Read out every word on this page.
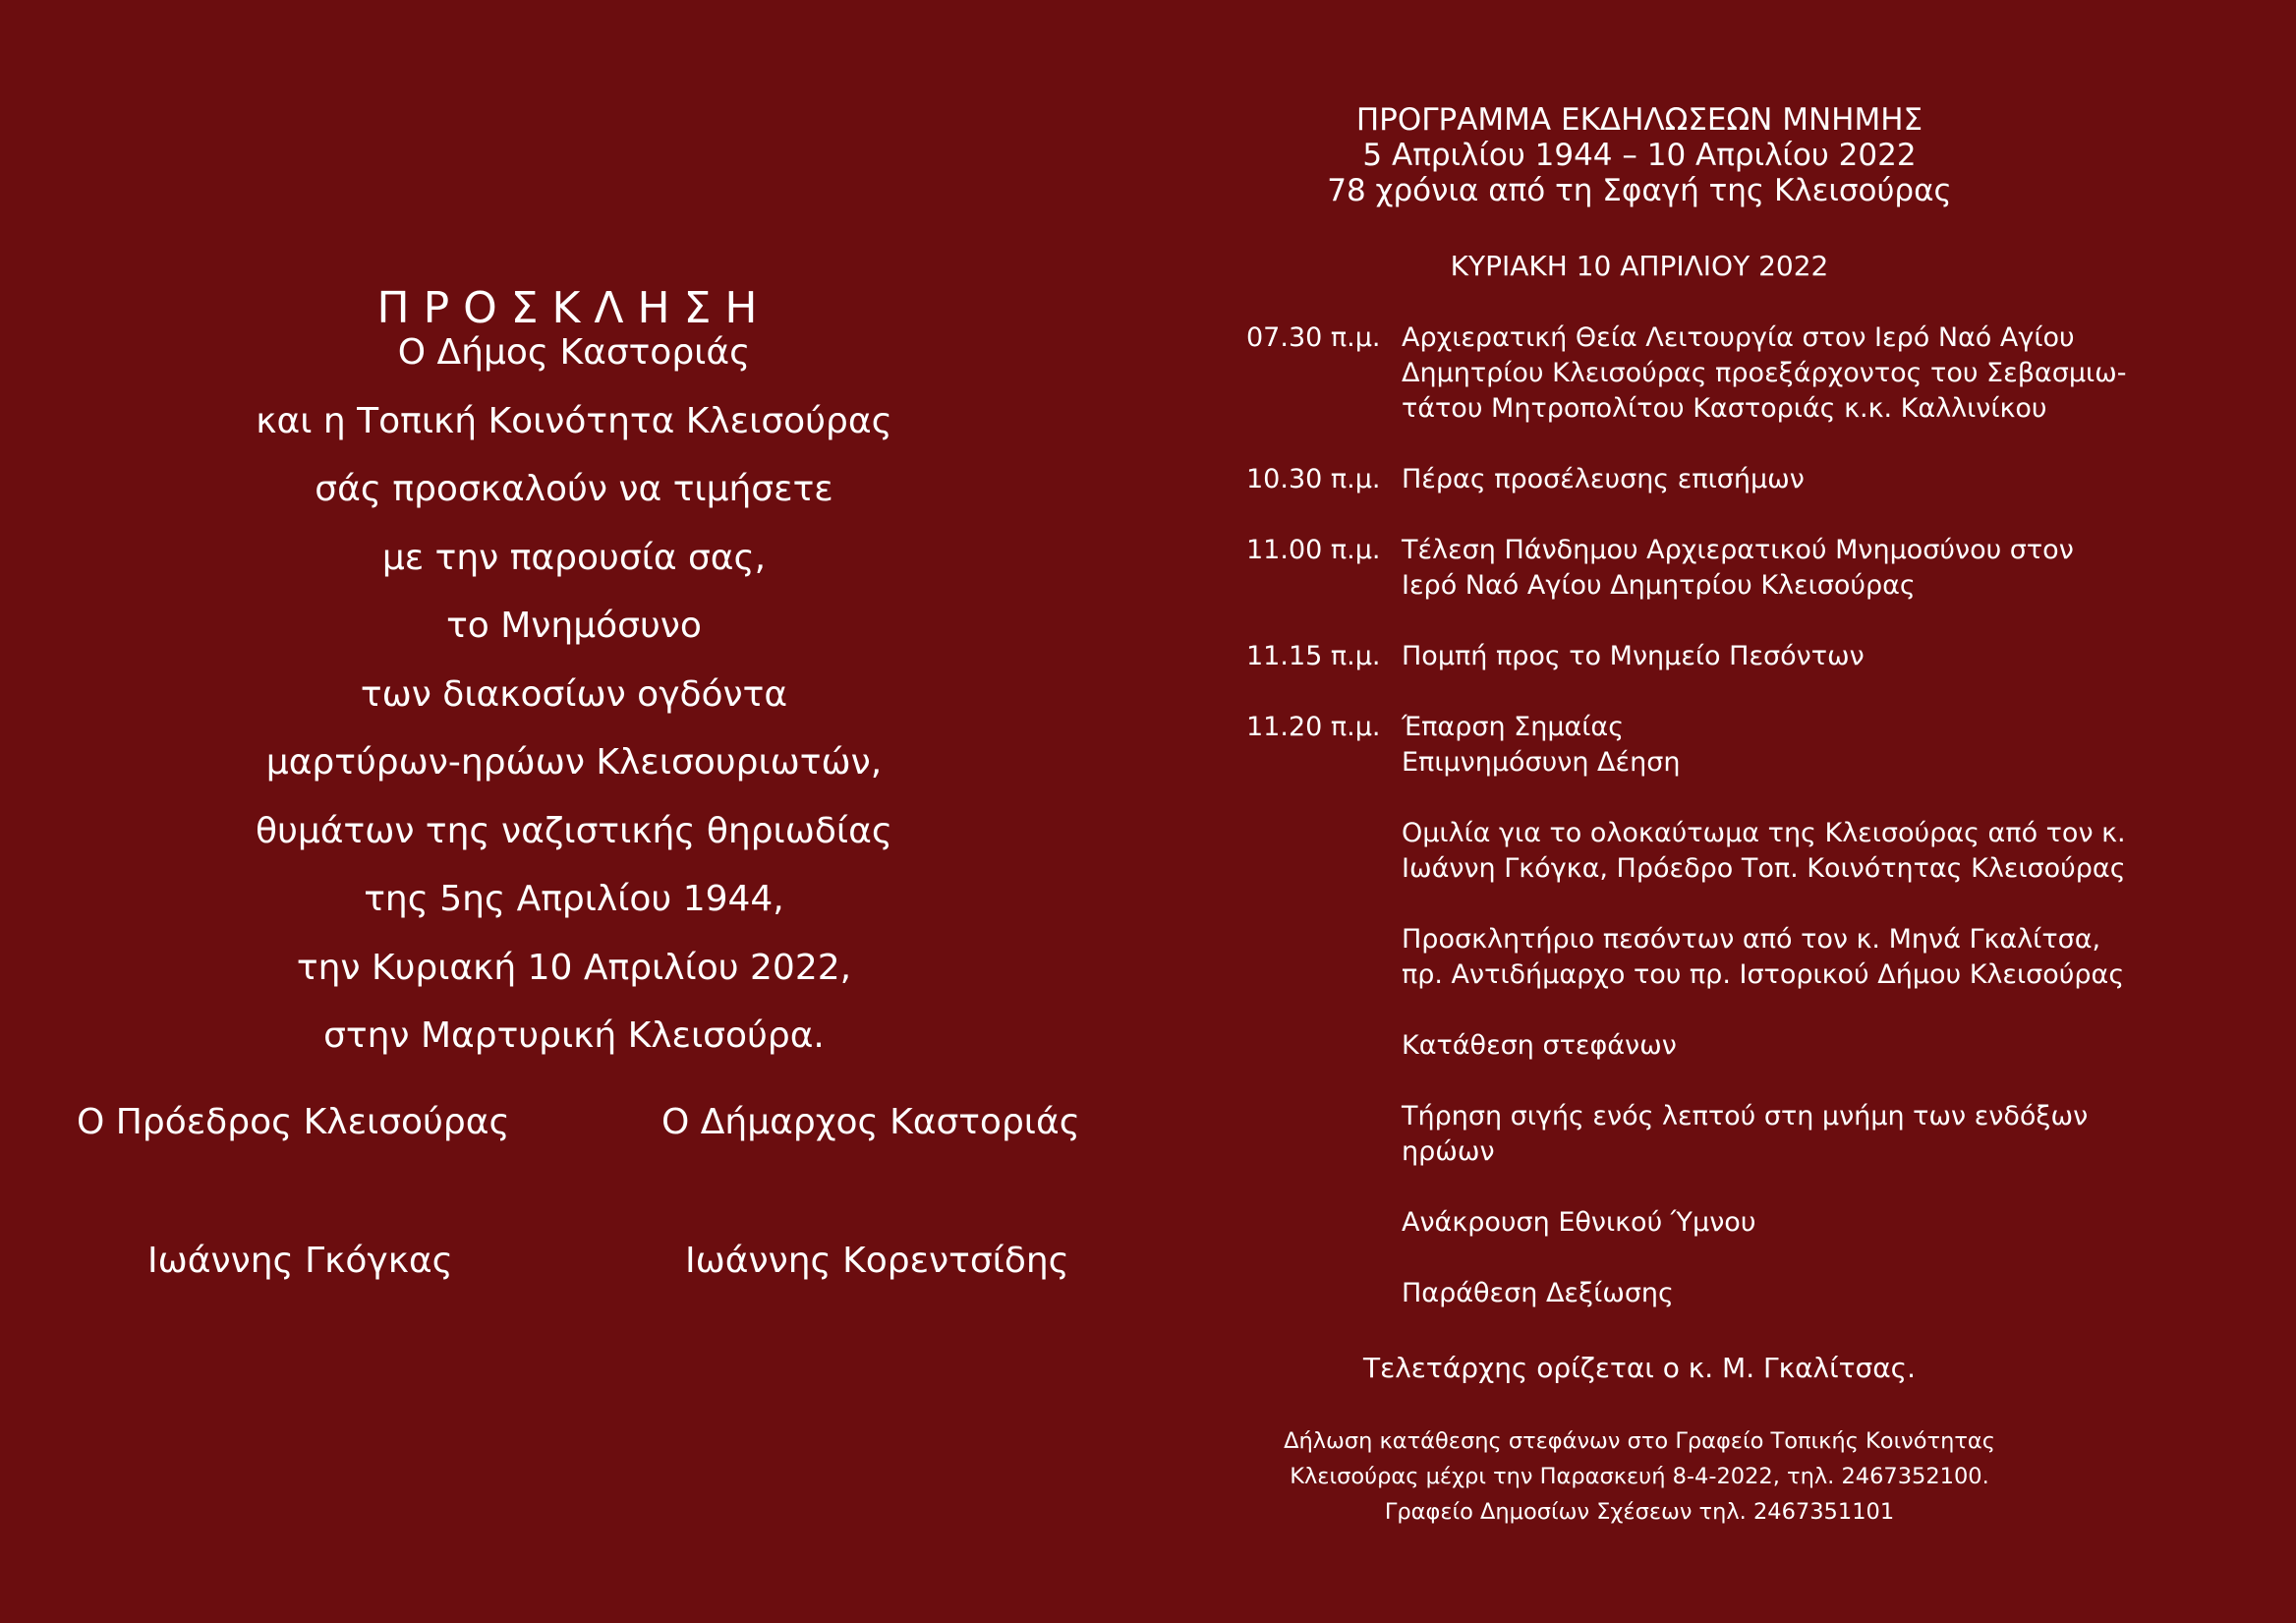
ΠΡΟΣΚΛΗΣΗ
Ο Δήμος Καστοριάς
και η Τοπική Κοινότητα Κλεισούρας
σάς προσκαλούν να τιμήσετε
με την παρουσία σας,
το Μνημόσυνο
των διακοσίων ογδόντα
μαρτύρων-ηρώων Κλεισουριωτών,
θυμάτων της ναζιστικής θηριωδίας
της 5ης Απριλίου 1944,
την Κυριακή 10 Απριλίου 2022,
στην Μαρτυρική Κλεισούρα.
Ο Πρόεδρος Κλεισούρας	Ο Δήμαρχος Καστοριάς
Ιωάννης Γκόγκας	Ιωάννης Κορεντσίδης
ΠΡΟΓΡΑΜΜΑ ΕΚΔΗΛΩΣΕΩΝ ΜΝΗΜΗΣ
5 Απριλίου 1944 – 10 Απριλίου 2022
78 χρόνια από τη Σφαγή της Κλεισούρας
ΚΥΡΙΑΚΗ 10 ΑΠΡΙΛΙΟΥ 2022
07.30 π.μ. Αρχιερατική Θεία Λειτουργία στον Ιερό Ναό Αγίου
Δημητρίου Κλεισούρας προεξάρχοντος του Σεβασμιω-
τάτου Μητροπολίτου Καστοριάς κ.κ. Καλλινίκου
10.30 π.μ. Πέρας προσέλευσης επισήμων
11.00 π.μ. Τέλεση Πάνδημου Αρχιερατικού Μνημοσύνου στον
Ιερό Ναό Αγίου Δημητρίου Κλεισούρας
11.15 π.μ. Πομπή προς το Μνημείο Πεσόντων
11.20 π.μ. Έπαρση Σημαίας
Επιμνημόσυνη Δέηση
Ομιλία για το ολοκαύτωμα της Κλεισούρας από τον κ.
Ιωάννη Γκόγκα, Πρόεδρο Τοπ. Κοινότητας Κλεισούρας
Προσκλητήριο πεσόντων από τον κ. Μηνά Γκαλίτσα,
πρ. Αντιδήμαρχο του πρ. Ιστορικού Δήμου Κλεισούρας
Κατάθεση στεφάνων
Τήρηση σιγής ενός λεπτού στη μνήμη των ενδόξων
ηρώων
Ανάκρουση Εθνικού Ύμνου
Παράθεση Δεξίωσης
Τελετάρχης ορίζεται ο κ. Μ. Γκαλίτσας.
Δήλωση κατάθεσης στεφάνων στο Γραφείο Τοπικής Κοινότητας
Κλεισούρας μέχρι την Παρασκευή 8-4-2022, τηλ. 2467352100.
Γραφείο Δημοσίων Σχέσεων τηλ. 2467351101
